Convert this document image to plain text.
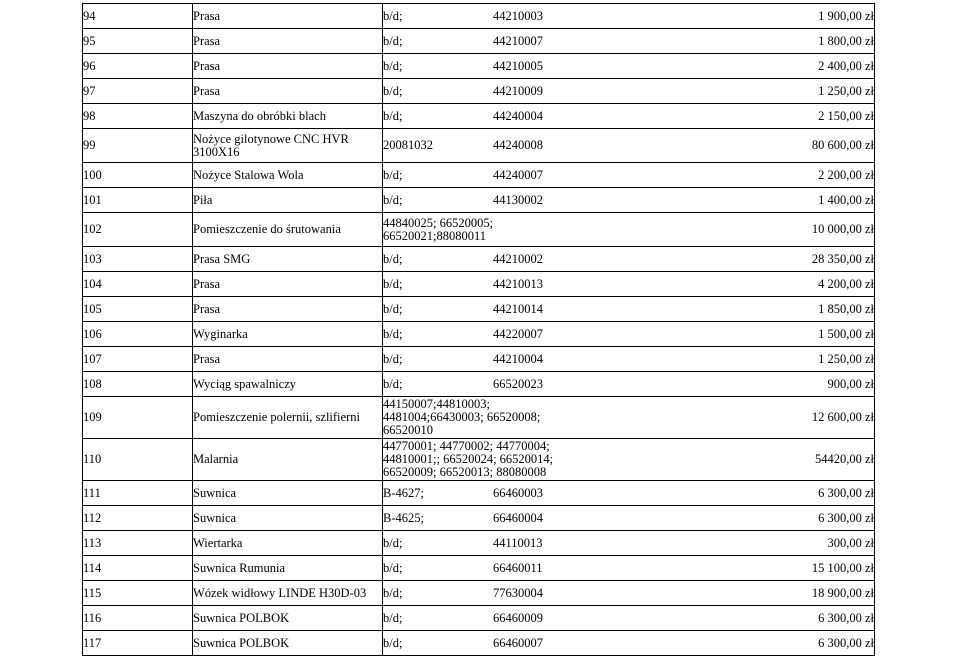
94	Prasa	b/d; 44210003		1 900,00 zł
95	Prasa	b/d; 44210007		1 800,00 zł
96	Prasa	b/d; 44210005		2 400,00 zł
97	Prasa	b/d; 44210009		1 250,00 zł
98	Maszyna do obróbki blach	b/d; 44240004		2 150,00 zł
99	Nożyce gilotynowe CNC HVR 3100X16	20081032 44240008		80 600,00 zł
100	Nożyce Stalowa Wola	b/d; 44240007		2 200,00 zł
101	Piła	b/d; 44130002		1 400,00 zł
102	Pomieszczenie do śrutowania	44840025; 66520005; 66520021;88080011		10 000,00 zł
103	Prasa SMG	b/d; 44210002		28 350,00 zł
104	Prasa	b/d; 44210013		4 200,00 zł
105	Prasa	b/d; 44210014		1 850,00 zł
106	Wyginarka	b/d; 44220007		1 500,00 zł
107	Prasa	b/d; 44210004		1 250,00 zł
108	Wyciąg spawalniczy	b/d; 66520023		900,00 zł
109	Pomieszczenie polernii, szlifierni	44150007;44810003; 4481004;66430003; 66520008; 66520010		12 600,00 zł
110	Malarnia	44770001; 44770002; 44770004; 44810001;; 66520024; 66520014; 66520009; 66520013; 88080008		54420,00 zł
111	Suwnica	B-4627; 66460003		6 300,00 zł
112	Suwnica	B-4625; 66460004		6 300,00 zł
113	Wiertarka	b/d; 44110013		300,00 zł
114	Suwnica Rumunia	b/d; 66460011		15 100,00 zł
115	Wózek widłowy LINDE H30D-03	b/d; 77630004		18 900,00 zł
116	Suwnica POLBOK	b/d; 66460009		6 300,00 zł
117	Suwnica POLBOK	b/d; 66460007		6 300,00 zł
